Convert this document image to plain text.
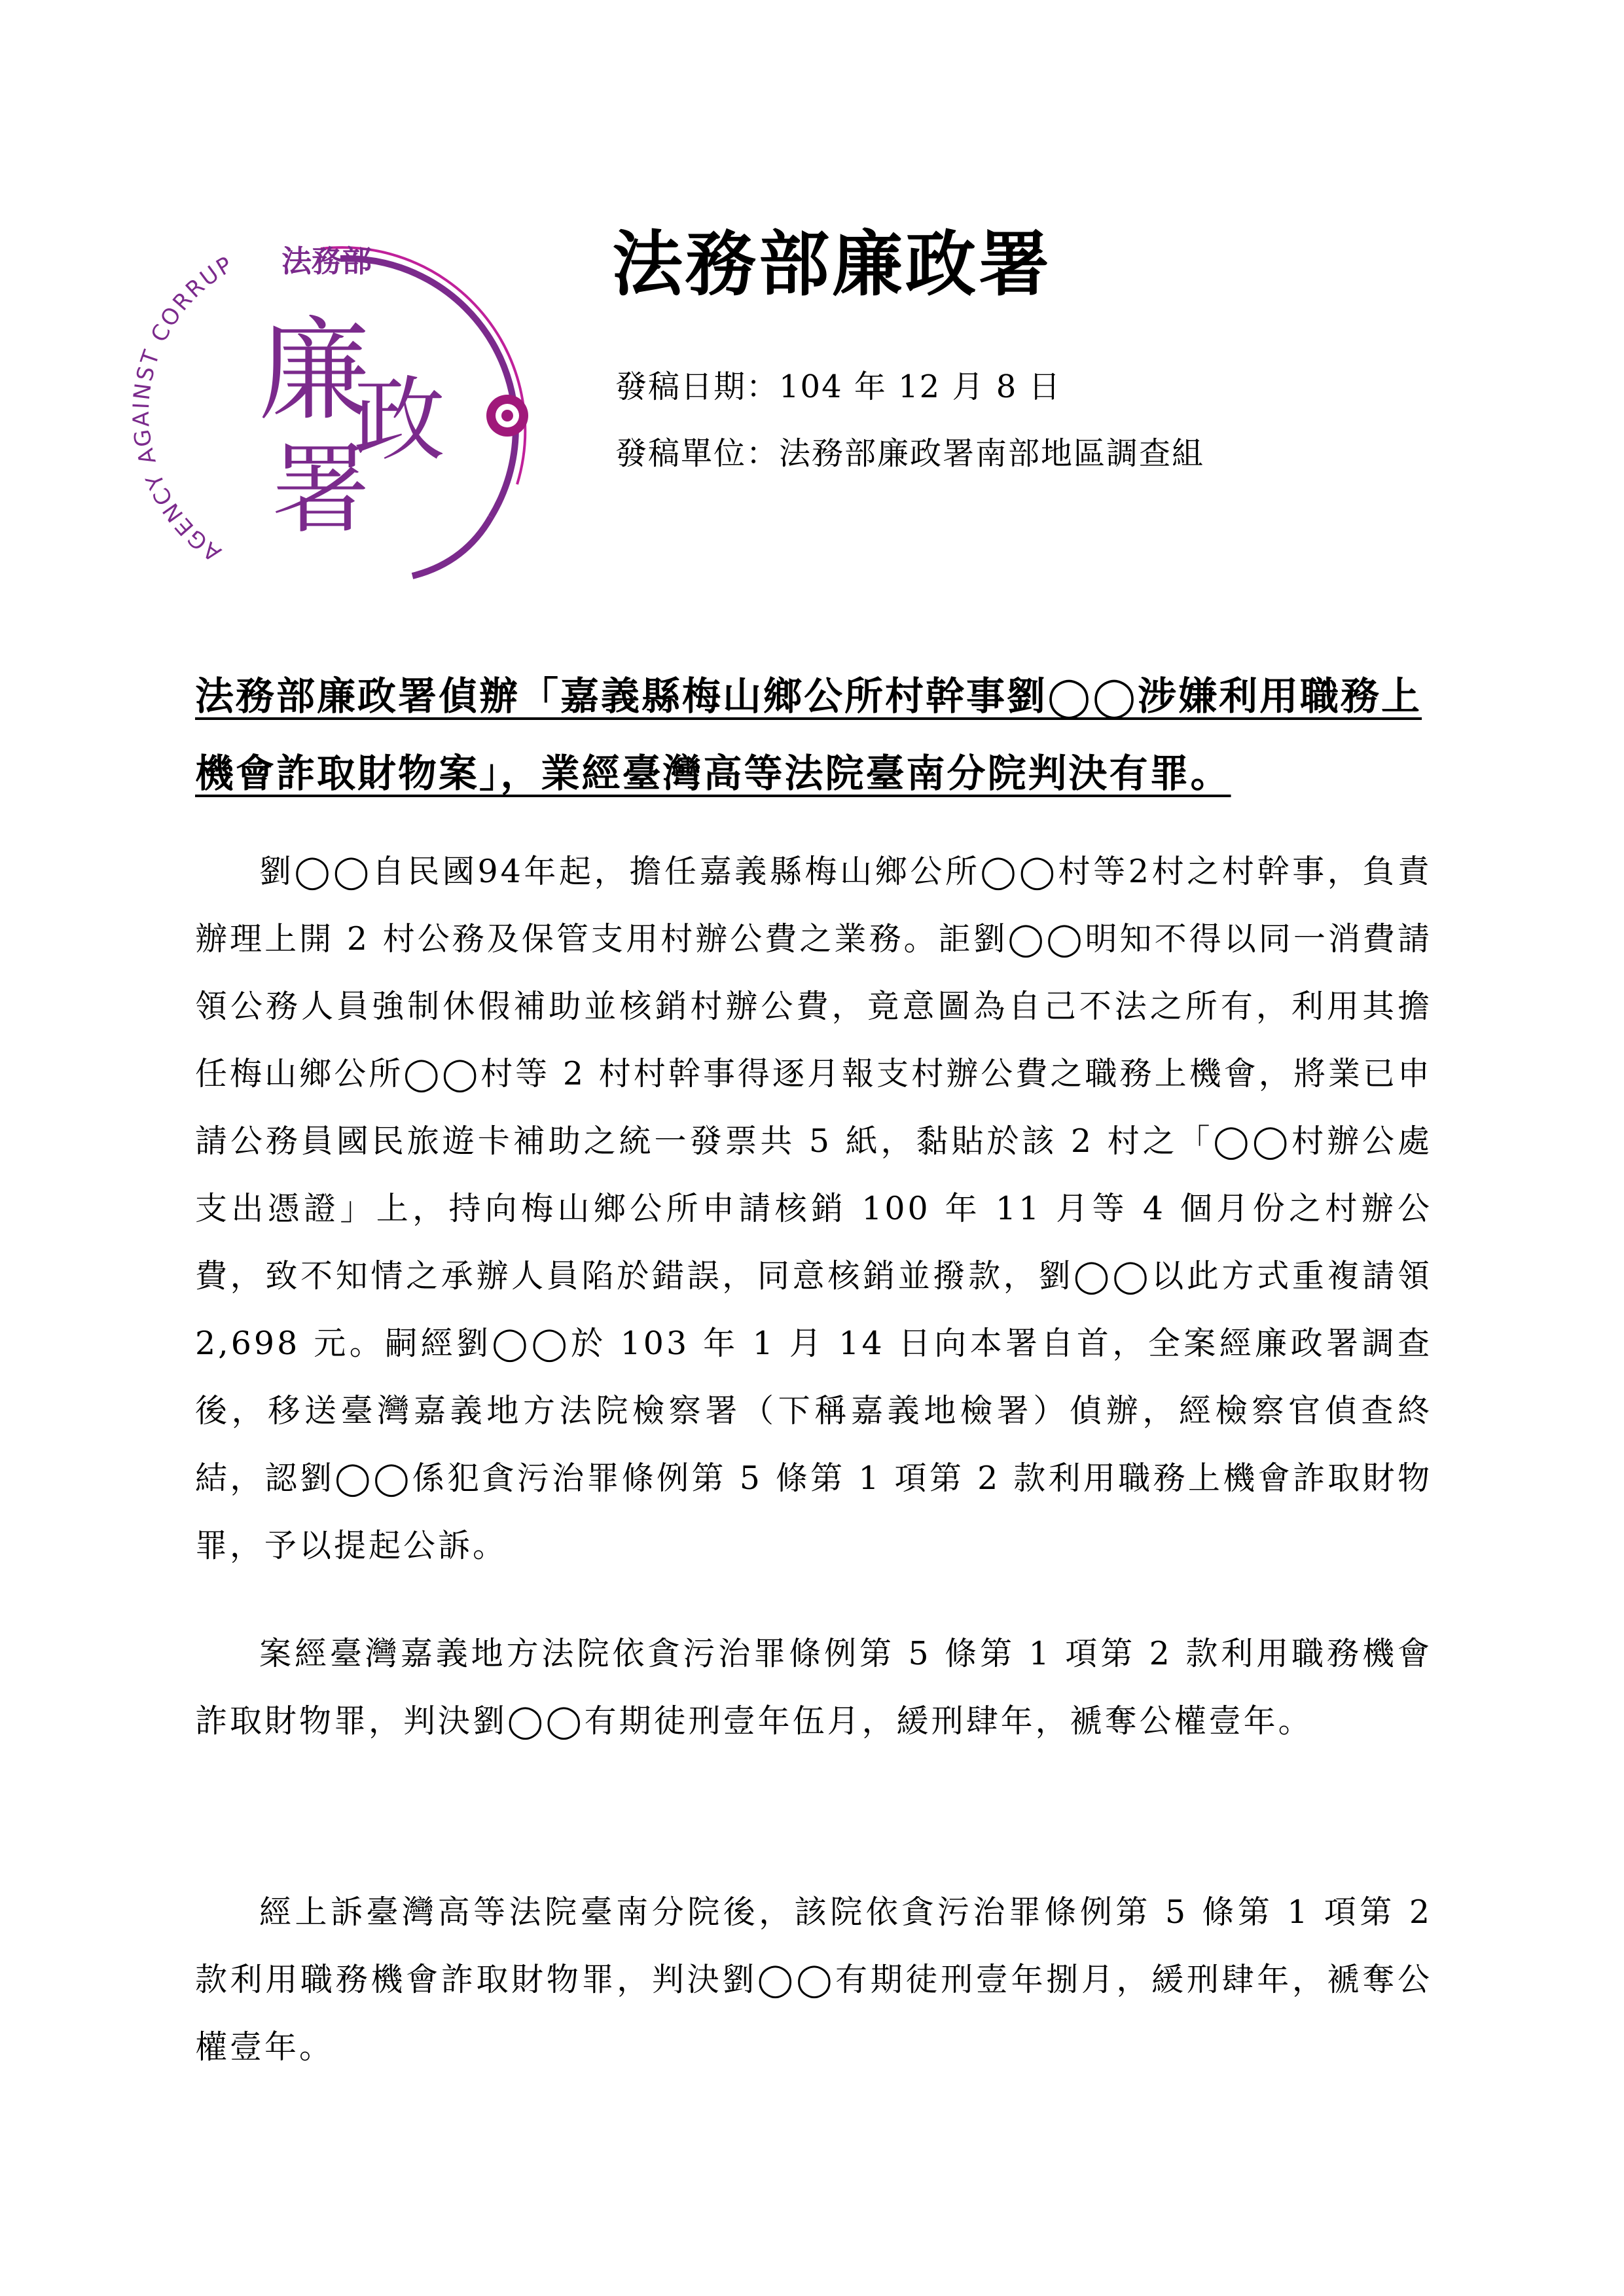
AGENCY AGAINST CORRUP 法務部
廉
政
署
法務部廉政署
發稿日期：104 年 12 月 8 日
發稿單位：法務部廉政署南部地區調查組
法務部廉政署偵辦「嘉義縣梅山鄉公所村幹事劉◯◯涉嫌利用職務上機會詐取財物案」，業經臺灣高等法院臺南分院判決有罪。

劉◯◯自民國94年起，擔任嘉義縣梅山鄉公所◯◯村等2村之村幹事，負責辦理上開 2 村公務及保管支用村辦公費之業務。詎劉◯◯明知不得以同一消費請領公務人員強制休假補助並核銷村辦公費，竟意圖為自己不法之所有，利用其擔任梅山鄉公所◯◯村等 2 村村幹事得逐月報支村辦公費之職務上機會，將業已申請公務員國民旅遊卡補助之統一發票共 5 紙，黏貼於該 2 村之「◯◯村辦公處支出憑證」上，持向梅山鄉公所申請核銷 100 年 11 月等 4 個月份之村辦公費，致不知情之承辦人員陷於錯誤，同意核銷並撥款，劉◯◯以此方式重複請領 2,698 元。嗣經劉◯◯於 103 年 1 月 14 日向本署自首，全案經廉政署調查後，移送臺灣嘉義地方法院檢察署（下稱嘉義地檢署）偵辦，經檢察官偵查終結，認劉◯◯係犯貪污治罪條例第 5 條第 1 項第 2 款利用職務上機會詐取財物罪，予以提起公訴。

案經臺灣嘉義地方法院依貪污治罪條例第 5 條第 1 項第 2 款利用職務機會詐取財物罪，判決劉◯◯有期徒刑壹年伍月，緩刑肆年，褫奪公權壹年。

經上訴臺灣高等法院臺南分院後，該院依貪污治罪條例第 5 條第 1 項第 2 款利用職務機會詐取財物罪，判決劉◯◯有期徒刑壹年捌月，緩刑肆年，褫奪公權壹年。
